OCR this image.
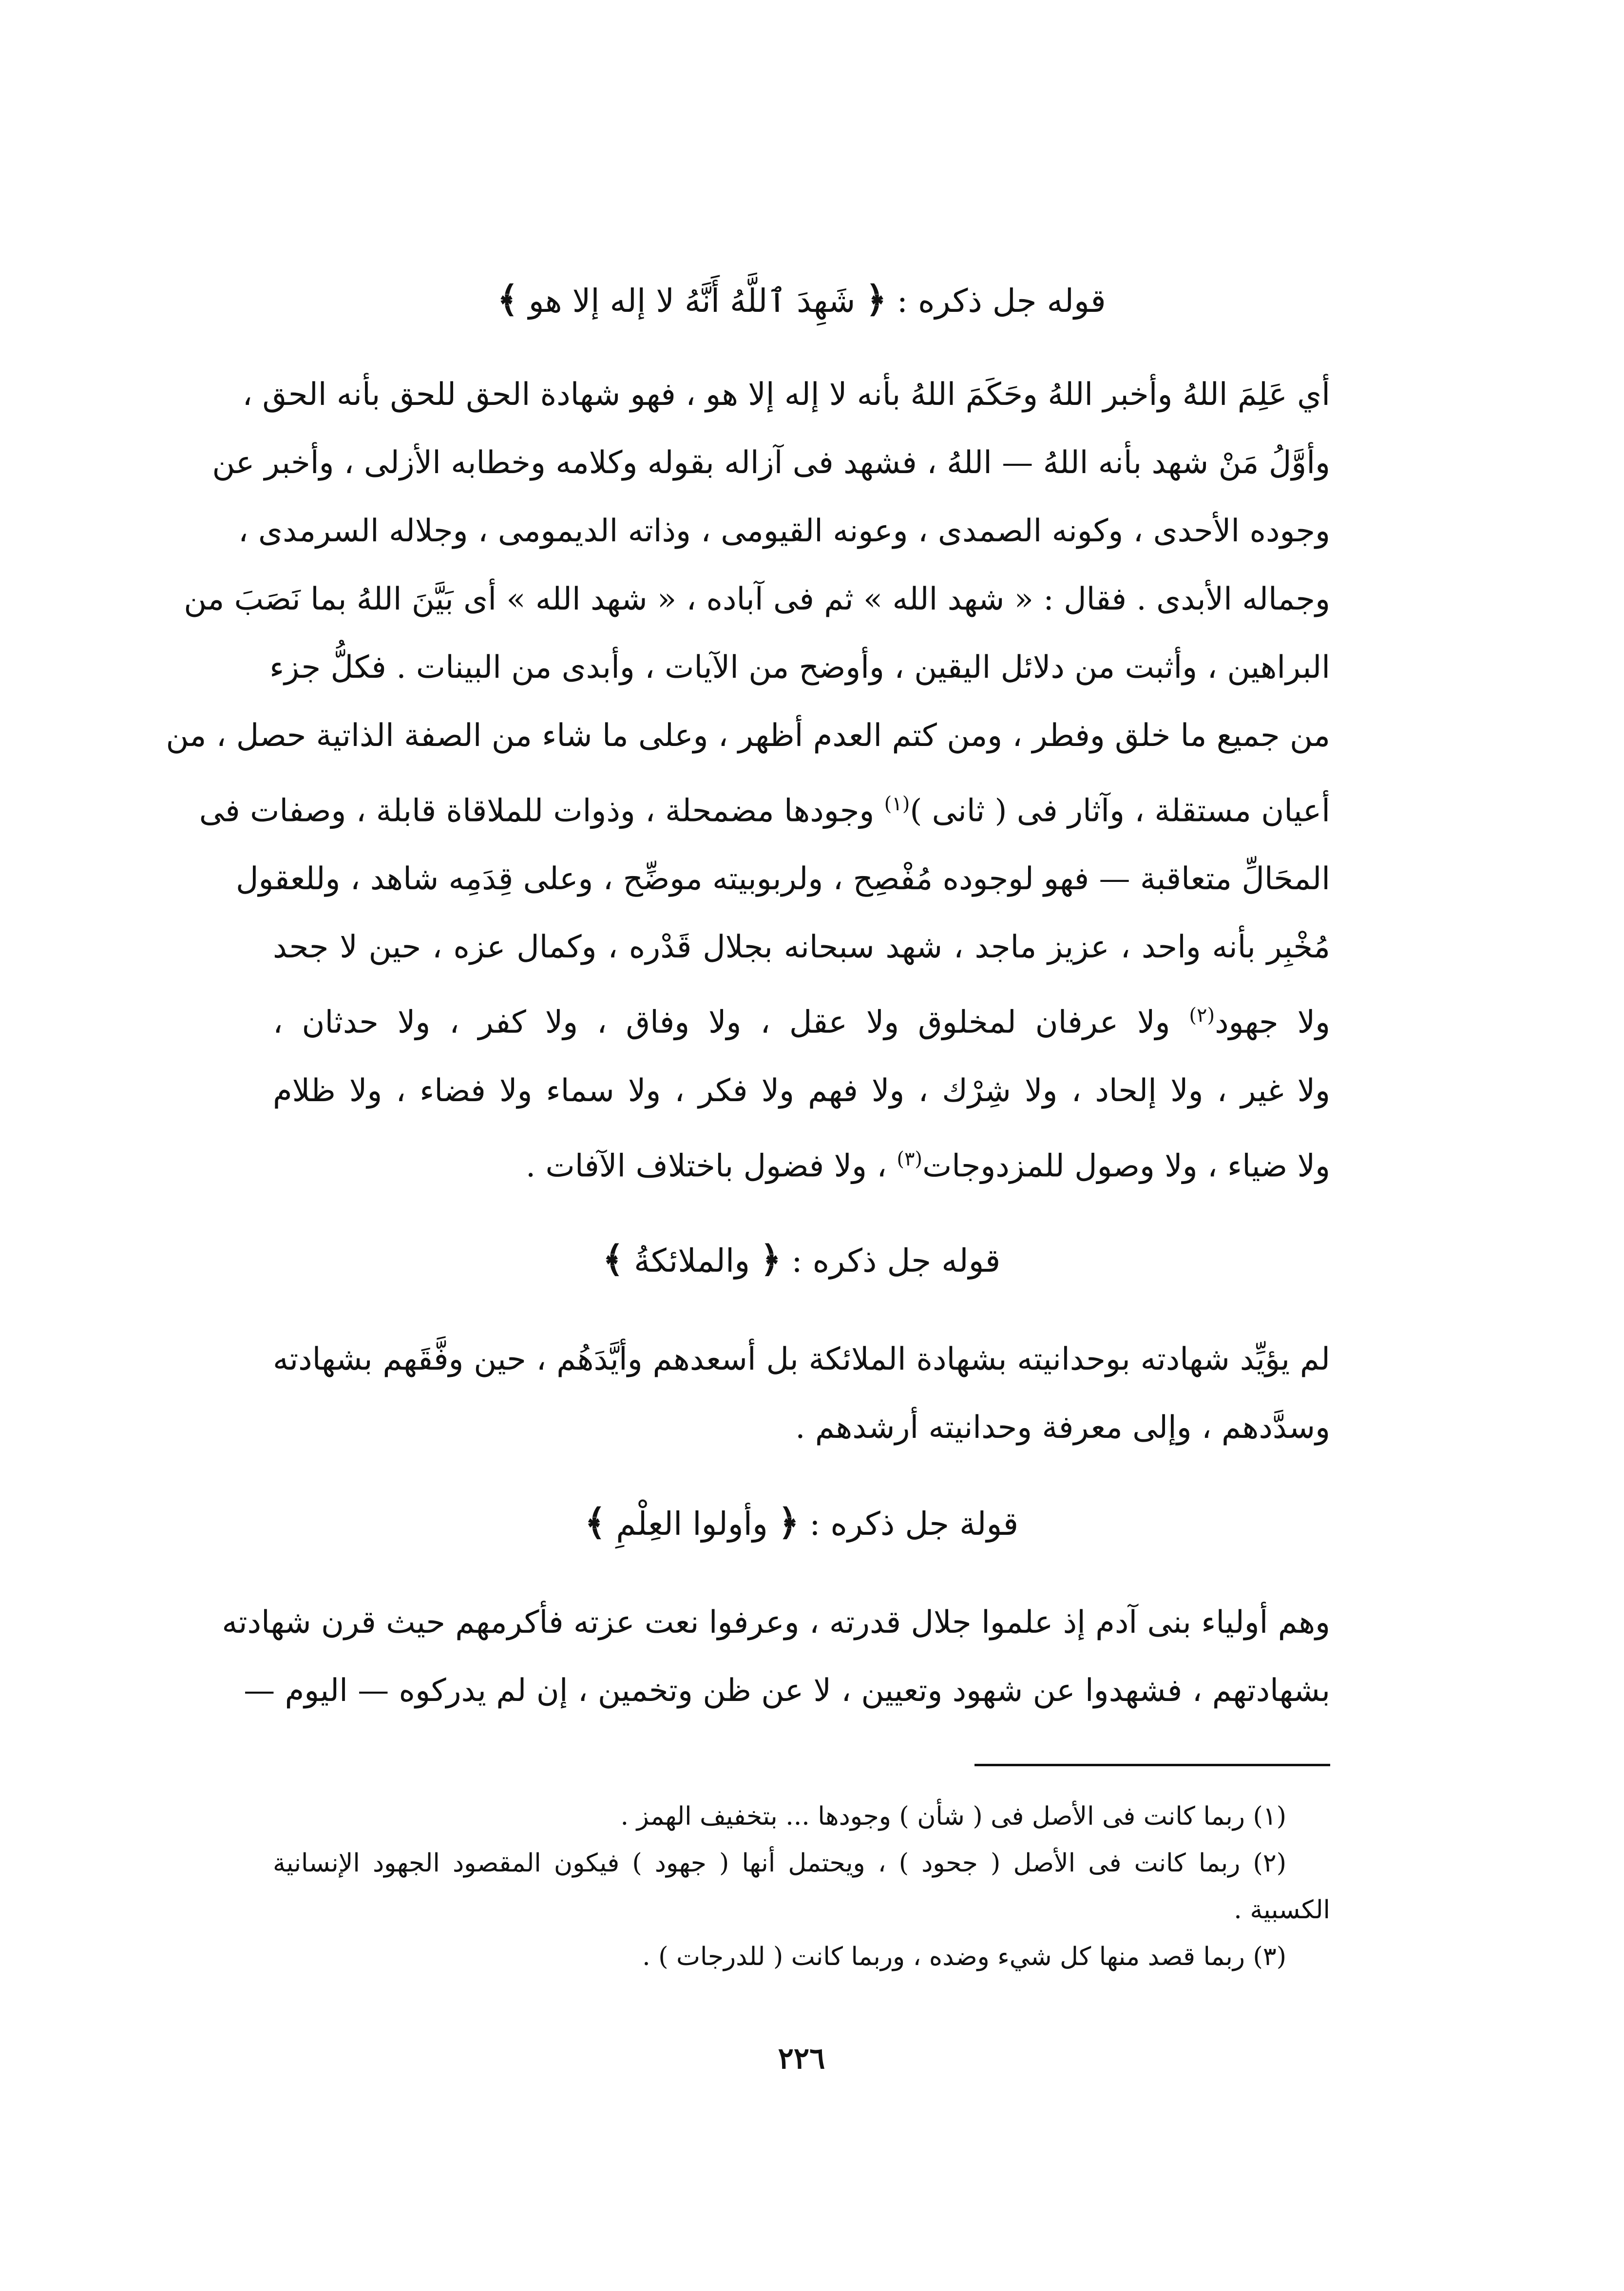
قوله جل ذكره : ﴿ شَهِدَ ٱللَّهُ أَنَّهُ لا إله إلا هو ﴾
أي عَلِمَ اللهُ وأخبر اللهُ وحَكَمَ اللهُ بأنه لا إله إلا هو ، فهو شهادة الحق للحق بأنه الحق ،
وأوَّلُ مَنْ شهد بأنه اللهُ — اللهُ ، فشهد فى آزاله بقوله وكلامه وخطابه الأزلى ، وأخبر عن
وجوده الأحدى ، وكونه الصمدى ، وعونه القيومى ، وذاته الديمومى ، وجلاله السرمدى ،
وجماله الأبدى . فقال : « شهد الله » ثم فى آباده ، « شهد الله » أى بَيَّنَ اللهُ بما نَصَبَ من
البراهين ، وأثبت من دلائل اليقين ، وأوضح من الآيات ، وأبدى من البينات . فكلُّ جزء
من جميع ما خلق وفطر ، ومن كتم العدم أظهر ، وعلى ما شاء من الصفة الذاتية حصل ، من
أعيان مستقلة ، وآثار فى ( ثانى )$^{(١)}$ وجودها مضمحلة ، وذوات للملاقاة قابلة ، وصفات فى
المحَالِّ متعاقبة — فهو لوجوده مُفْصِح ، ولربوبيته موضِّح ، وعلى قِدَمِه شاهد ، وللعقول
مُخْبِر بأنه واحد ، عزيز ماجد ، شهد سبحانه بجلال قَدْره ، وكمال عزه ، حين لا جحد
ولا جهود$^{(٢)}$ ولا عرفان لمخلوق ولا عقل ، ولا وفاق ، ولا كفر ، ولا حدثان ،
ولا غير ، ولا إلحاد ، ولا شِرْك ، ولا فهم ولا فكر ، ولا سماء ولا فضاء ، ولا ظلام
ولا ضياء ، ولا وصول للمزدوجات$^{(٣)}$ ، ولا فضول باختلاف الآفات .
قوله جل ذكره : ﴿ والملائكةُ ﴾
لم يؤيِّد شهادته بوحدانيته بشهادة الملائكة بل أسعدهم وأيَّدَهُم ، حين وفَّقَهم بشهادته
وسدَّدهم ، وإلى معرفة وحدانيته أرشدهم .
قولة جل ذكره : ﴿ وأولوا العِلْمِ ﴾
وهم أولياء بنى آدم إذ علموا جلال قدرته ، وعرفوا نعت عزته فأكرمهم حيث قرن شهادته
بشهادتهم ، فشهدوا عن شهود وتعيين ، لا عن ظن وتخمين ، إن لم يدركوه — اليوم —
(١) ربما كانت فى الأصل فى ( شأن ) وجودها ... بتخفيف الهمز .
(٢) ربما كانت فى الأصل ( جحود ) ، ويحتمل أنها ( جهود ) فيكون المقصود الجهود الإنسانية
الكسبية .
(٣) ربما قصد منها كل شيء وضده ، وربما كانت ( للدرجات ) .
٢٢٦
